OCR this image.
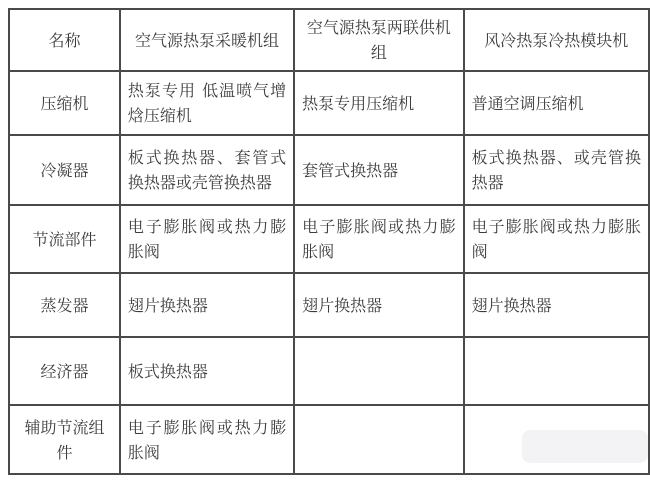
名称	空气源热泵采暖机组	空气源热泵两联供机组	风冷热泵冷热模块机
压缩机	热泵专用 低温喷气增焓压缩机	热泵专用压缩机	普通空调压缩机
冷凝器	板式换热器、套管式换热器或壳管换热器	套管式换热器	板式换热器、或壳管换热器
节流部件	电子膨胀阀或热力膨胀阀	电子膨胀阀或热力膨胀阀	电子膨胀阀或热力膨胀阀
蒸发器	翅片换热器	翅片换热器	翅片换热器
经济器	板式换热器		
辅助节流组件	电子膨胀阀或热力膨胀阀		
